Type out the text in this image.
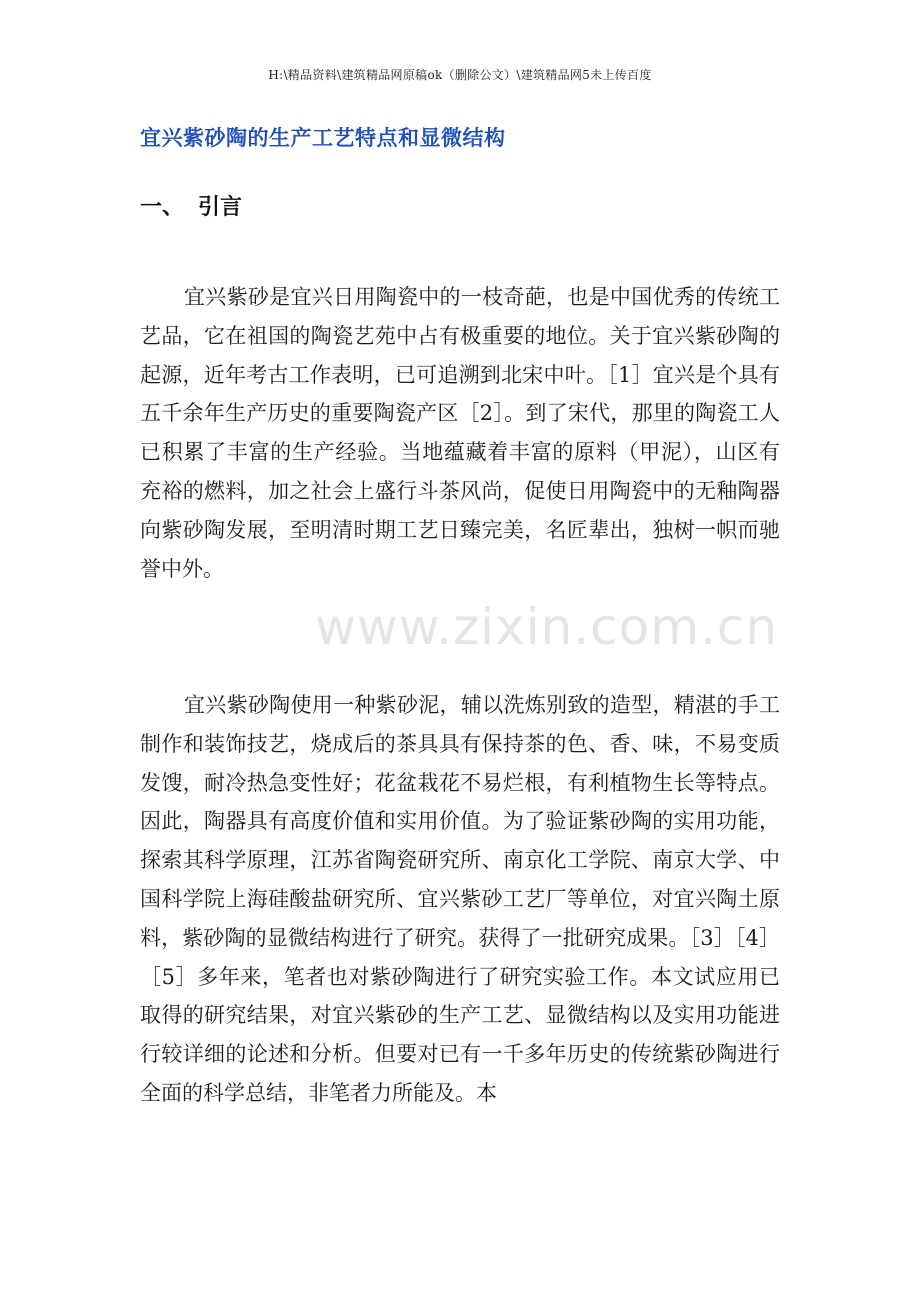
H:\精品资料\建筑精品网原稿ok（删除公文）\建筑精品网5未上传百度
宜兴紫砂陶的生产工艺特点和显微结构
一、 引言

宜兴紫砂是宜兴日用陶瓷中的一枝奇葩，也是中国优秀的传统工艺品，它在祖国的陶瓷艺苑中占有极重要的地位。关于宜兴紫砂陶的起源，近年考古工作表明，已可追溯到北宋中叶。［1］宜兴是个具有五千余年生产历史的重要陶瓷产区［2］。到了宋代，那里的陶瓷工人已积累了丰富的生产经验。当地蕴藏着丰富的原料（甲泥），山区有充裕的燃料，加之社会上盛行斗茶风尚，促使日用陶瓷中的无釉陶器向紫砂陶发展，至明清时期工艺日臻完美，名匠辈出，独树一帜而驰誉中外。

宜兴紫砂陶使用一种紫砂泥，辅以洗炼别致的造型，精湛的手工制作和装饰技艺，烧成后的茶具具有保持茶的色、香、味，不易变质发馊，耐冷热急变性好；花盆栽花不易烂根，有利植物生长等特点。因此，陶器具有高度价值和实用价值。为了验证紫砂陶的实用功能，探索其科学原理，江苏省陶瓷研究所、南京化工学院、南京大学、中国科学院上海硅酸盐研究所、宜兴紫砂工艺厂等单位，对宜兴陶土原料，紫砂陶的显微结构进行了研究。获得了一批研究成果。［3］［4］［5］多年来，笔者也对紫砂陶进行了研究实验工作。本文试应用已取得的研究结果，对宜兴紫砂的生产工艺、显微结构以及实用功能进行较详细的论述和分析。但要对已有一千多年历史的传统紫砂陶进行全面的科学总结，非笔者力所能及。本

www.zixin.com.cn
